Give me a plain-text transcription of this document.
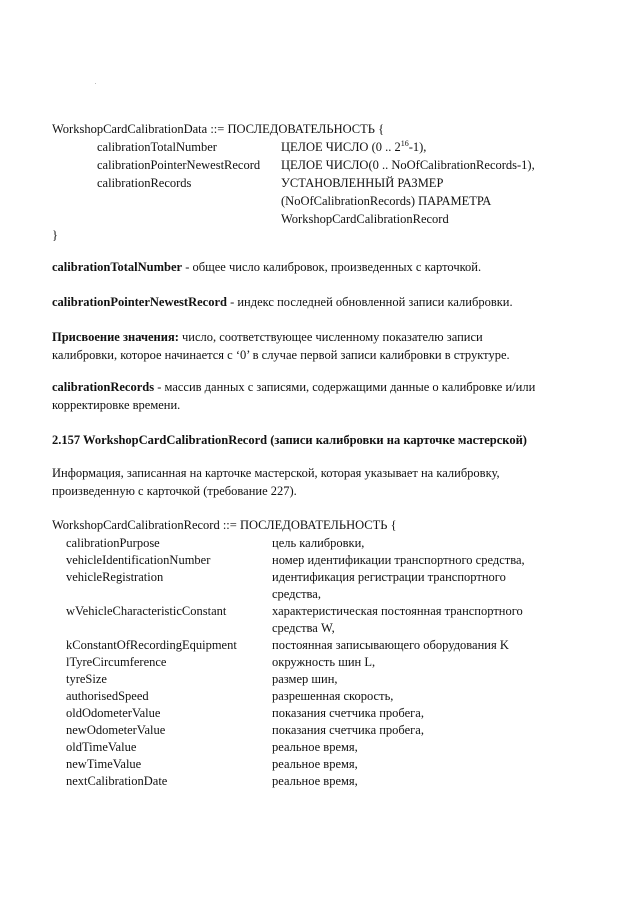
WorkshopCardCalibrationData ::= ПОСЛЕДОВАТЕЛЬНОСТЬ {
calibrationTotalNumber	ЦЕЛОЕ ЧИСЛО (0 .. $2^{16}-1$),
calibrationPointerNewestRecord ЦЕЛОЕ ЧИСЛО(0 .. NoOfCalibrationRecords-1),
calibrationRecords	УСТАНОВЛЕННЫЙ РАЗМЕР
(NoOfCalibrationRecords) ПАРАМЕТРА
WorkshopCardCalibrationRecord
}
calibrationTotalNumber - общее число калибровок, произведенных с карточкой.
calibrationPointerNewestRecord - индекс последней обновленной записи калибровки.
Присвоение значения: число, соответствующее численному показателю записи
калибровки, которое начинается с ‘0’ в случае первой записи калибровки в структуре.
calibrationRecords - массив данных с записями, содержащими данные о калибровке и/или
корректировке времени.
2.157 WorkshopCardCalibrationRecord (записи калибровки на карточке мастерской)
Информация, записанная на карточке мастерской, которая указывает на калибровку,
произведенную с карточкой (требование 227).
WorkshopCardCalibrationRecord ::= ПОСЛЕДОВАТЕЛЬНОСТЬ {
calibrationPurpose	цель калибровки,
vehicleIdentificationNumber	номер идентификации транспортного средства,
vehicleRegistration	идентификация регистрации транспортного
средства,
wVehicleCharacteristicConstant	характеристическая постоянная транспортного
средства W,
kConstantOfRecordingEquipment	постоянная записывающего оборудования K
lTyreCircumference	окружность шин L,
tyreSize	размер шин,
authorisedSpeed	разрешенная скорость,
oldOdometerValue	показания счетчика пробега,
newOdometerValue	показания счетчика пробега,
oldTimeValue	реальное время,
newTimeValue	реальное время,
nextCalibrationDate	реальное время,
